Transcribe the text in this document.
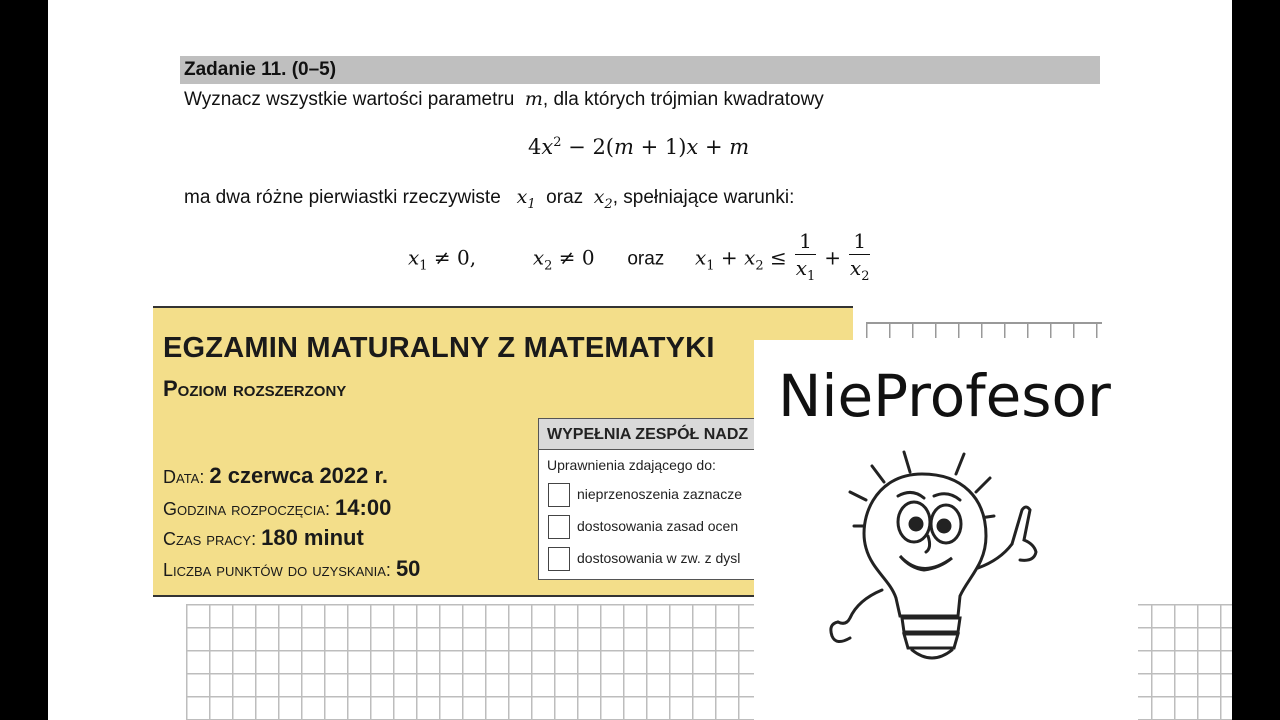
Zadanie 11. (0–5)
Wyznacz wszystkie wartości parametru m, dla których trójmian kwadratowy
$4x^2 - 2(m + 1)x + m$
ma dwa różne pierwiastki rzeczywiste $x_1$ oraz $x_2$, spełniające warunki:
$x_1 \ne 0$,	$x_2 \ne 0$ oraz $x_1 + x_2 \le \frac{1}{x_1} + \frac{1}{x_2}$
EGZAMIN MATURALNY Z MATEMATYKI
Poziom rozszerzony
Data: 2 czerwca 2022 r.
Godzina rozpoczęcia: 14:00
Czas pracy: 180 minut
Liczba punktów do uzyskania: 50
WYPEŁNIA ZESPÓŁ NADZ
Uprawnienia zdającego do:
nieprzenoszenia zaznacze
dostosowania zasad ocen
dostosowania w zw. z dysl
NieProfesor
